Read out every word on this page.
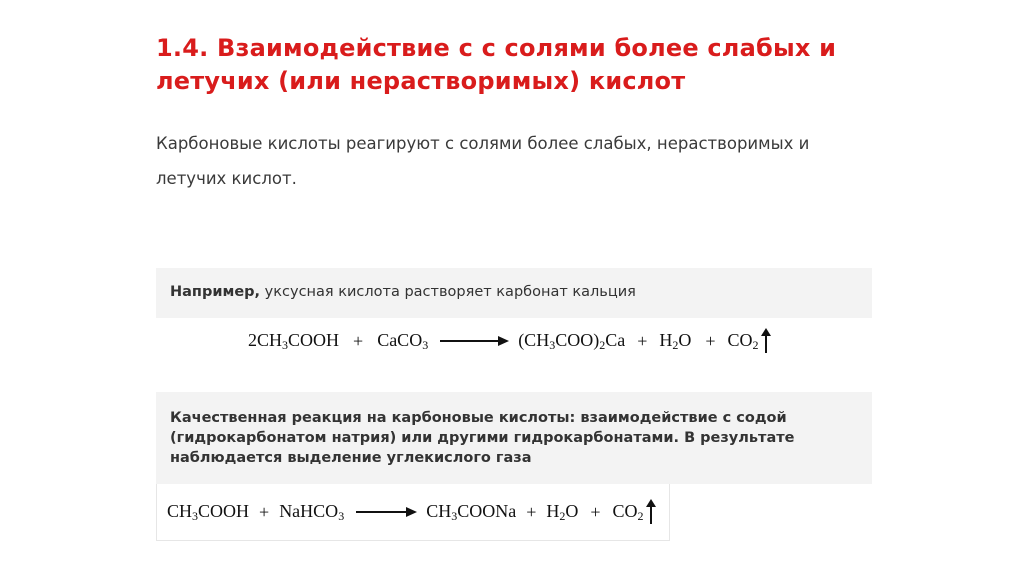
1.4. Взаимодействие с с солями более слабых и летучих (или нерастворимых) кислот

Карбоновые кислоты реагируют с солями более слабых, нерастворимых и летучих кислот.

Например, уксусная кислота растворяет карбонат кальция
$2CH_3COOH$ + CaCO$_3$ → $(CH_3COO)_2Ca + H_2O + CO_2$
Качественная реакция на карбоновые кислоты: взаимодействие с содой (гидрокарбонатом натрия) или другими гидрокарбонатами. В результате наблюдается выделение углекислого газа
$CH_3COOH$ + NaHCO$_3$ → $CH_3COONa + H_2O + CO_2$
